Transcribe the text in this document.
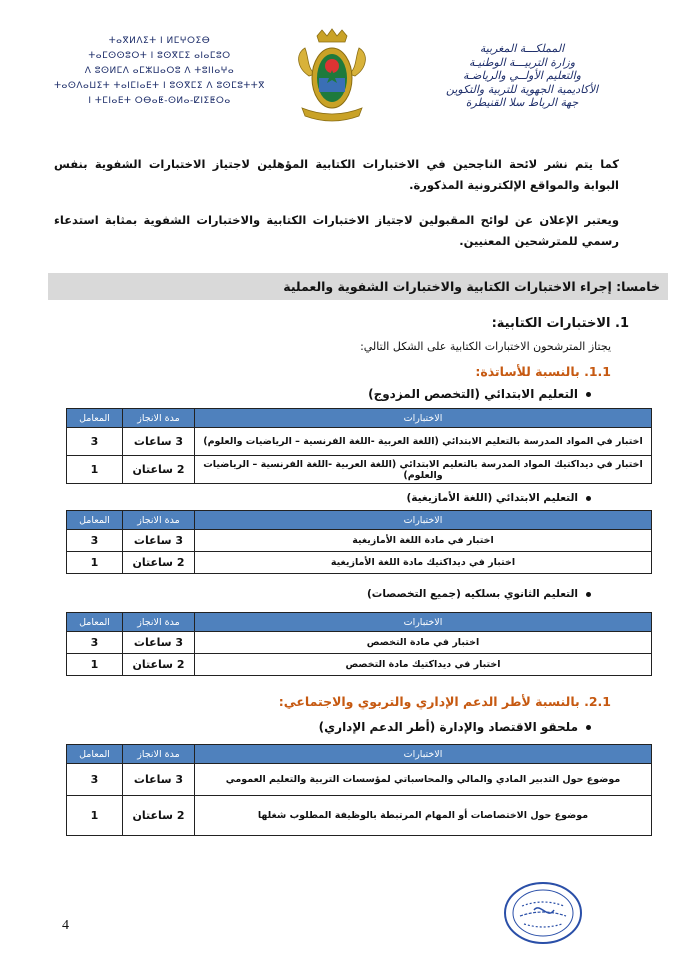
المملكـــة المغربية
وزارة التربيـــة الوطنيـة
والتعليم الأولــي والرياضـة
الأكاديمية الجهوية للتربية والتكوين
جهة الرباط سلا القنيطرة
ⵜⴰⴳⵍⴷⵉⵜ ⵏ ⵍⵎⵖⵔⵉⴱ
ⵜⴰⵎⵙⵙⵓⵔⵜ ⵏ ⵓⵙⴳⵎⵉ ⴰⵏⴰⵎⵓⵔ
ⴷ ⵓⵙⵍⵎⴷ ⴰⵎⵣⵡⴰⵔⵓ ⴷ ⵜⵓⵏⵏⴰⵖⴰ
ⵜⴰⵙⴷⴰⵡⵉⵜ ⵜⴰⵏⵎⵏⴰⴹⵜ ⵏ ⵓⵙⴳⵎⵉ ⴷ ⵓⵙⵎⵓⵜⵜⴳ
ⵏ ⵜⵎⵏⴰⴹⵜ ⵔⴱⴰⵟ-ⵙⵍⴰ-ⵇⵏⵉⵟⵔⴰ
كما يتم نشر لائحة الناجحين في الاختبارات الكتابية المؤهلين لاجتياز الاختبارات الشفوية بنفس البوابة والمواقع الإلكترونية المذكورة.
ويعتبر الإعلان عن لوائح المقبولين لاجتياز الاختبارات الكتابية والاختبارات الشفوية بمثابة استدعاء رسمي للمترشحين المعنيين.
خامسا: إجراء الاختبارات الكتابية والاختبارات الشفوية والعملية
1. الاختبارات الكتابية:
يجتاز المترشحون الاختبارات الكتابية على الشكل التالي:
1.1. بالنسبة للأساتذة:
التعليم الابتدائي (التخصص المزدوج)
المعامل	مدة الانجاز	الاختبارات
3	3 ساعات	اختبار في المواد المدرسة بالتعليم الابتدائي (اللغة العربية -اللغة الفرنسية – الرياضيات والعلوم)
1	2 ساعتان	اختبار في ديداكتيك المواد المدرسة بالتعليم الابتدائي (اللغة العربية -اللغة الفرنسية – الرياضيات والعلوم)
التعليم الابتدائي (اللغة الأمازيغية)
المعامل	مدة الانجاز	الاختبارات
3	3 ساعات	اختبار في مادة اللغة الأمازيغية
1	2 ساعتان	اختبار في ديداكتيك مادة اللغة الأمازيغية
التعليم الثانوي بسلكيه (جميع التخصصات)
المعامل	مدة الانجاز	الاختبارات
3	3 ساعات	اختبار في مادة التخصص
1	2 ساعتان	اختبار في ديداكتيك مادة التخصص
2.1. بالنسبة لأطر الدعم الإداري والتربوي والاجتماعي:
ملحقو الاقتصاد والإدارة (أطر الدعم الإداري)
المعامل	مدة الانجاز	الاختبارات
3	3 ساعات	موضوع حول التدبير المادي والمالي والمحاسباتي لمؤسسات التربية والتعليم العمومي
1	2 ساعتان	موضوع حول الاختصاصات أو المهام المرتبطة بالوظيفة المطلوب شغلها
4
